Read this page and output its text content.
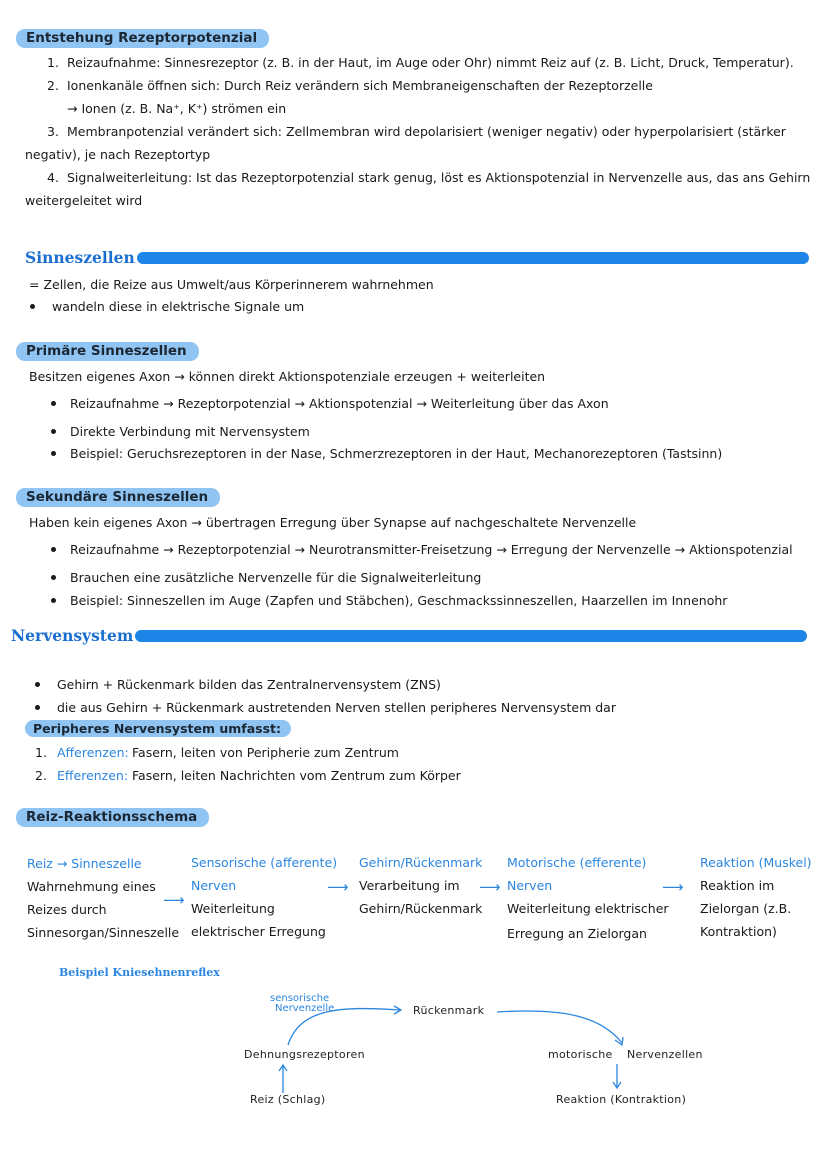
Entstehung Rezeptorpotenzial
1. Reizaufnahme: Sinnesrezeptor (z. B. in der Haut, im Auge oder Ohr) nimmt Reiz auf (z. B. Licht, Druck, Temperatur).
2. Ionenkanäle öffnen sich: Durch Reiz verändern sich Membraneigenschaften der Rezeptorzelle
→ Ionen (z. B. Na⁺, K⁺) strömen ein
3. Membranpotenzial verändert sich: Zellmembran wird depolarisiert (weniger negativ) oder hyperpolarisiert (stärker
negativ), je nach Rezeptortyp
4. Signalweiterleitung: Ist das Rezeptorpotenzial stark genug, löst es Aktionspotenzial in Nervenzelle aus, das ans Gehirn
weitergeleitet wird
Sinneszellen
= Zellen, die Reize aus Umwelt/aus Körperinnerem wahrnehmen
wandeln diese in elektrische Signale um
Primäre Sinneszellen
Besitzen eigenes Axon → können direkt Aktionspotenziale erzeugen + weiterleiten
Reizaufnahme → Rezeptorpotenzial → Aktionspotenzial → Weiterleitung über das Axon
Direkte Verbindung mit Nervensystem
Beispiel: Geruchsrezeptoren in der Nase, Schmerzrezeptoren in der Haut, Mechanorezeptoren (Tastsinn)
Sekundäre Sinneszellen
Haben kein eigenes Axon → übertragen Erregung über Synapse auf nachgeschaltete Nervenzelle
Reizaufnahme → Rezeptorpotenzial → Neurotransmitter-Freisetzung → Erregung der Nervenzelle → Aktionspotenzial
Brauchen eine zusätzliche Nervenzelle für die Signalweiterleitung
Beispiel: Sinneszellen im Auge (Zapfen und Stäbchen), Geschmackssinneszellen, Haarzellen im Innenohr
Nervensystem
Gehirn + Rückenmark bilden das Zentralnervensystem (ZNS)
die aus Gehirn + Rückenmark austretenden Nerven stellen peripheres Nervensystem dar
Peripheres Nervensystem umfasst:
1. Afferenzen: Fasern, leiten von Peripherie zum Zentrum
2. Efferenzen: Fasern, leiten Nachrichten vom Zentrum zum Körper
Reiz-Reaktionsschema
Reiz → Sinneszelle
Wahrnehmung eines
Reizes durch
Sinnesorgan/Sinneszelle
⟶
Sensorische (afferente)
Nerven
Weiterleitung
elektrischer Erregung
⟶
Gehirn/Rückenmark
Verarbeitung im
Gehirn/Rückenmark
⟶
Motorische (efferente)
Nerven
Weiterleitung elektrischer
Erregung an Zielorgan
⟶
Reaktion (Muskel)
Reaktion im
Zielorgan (z.B.
Kontraktion)
Beispiel Kniesehnenreflex
sensorische
Nervenzelle	Rückenmark
Dehnungsrezeptoren	motorische Nervenzellen
Reiz (Schlag)	Reaktion (Kontraktion)
